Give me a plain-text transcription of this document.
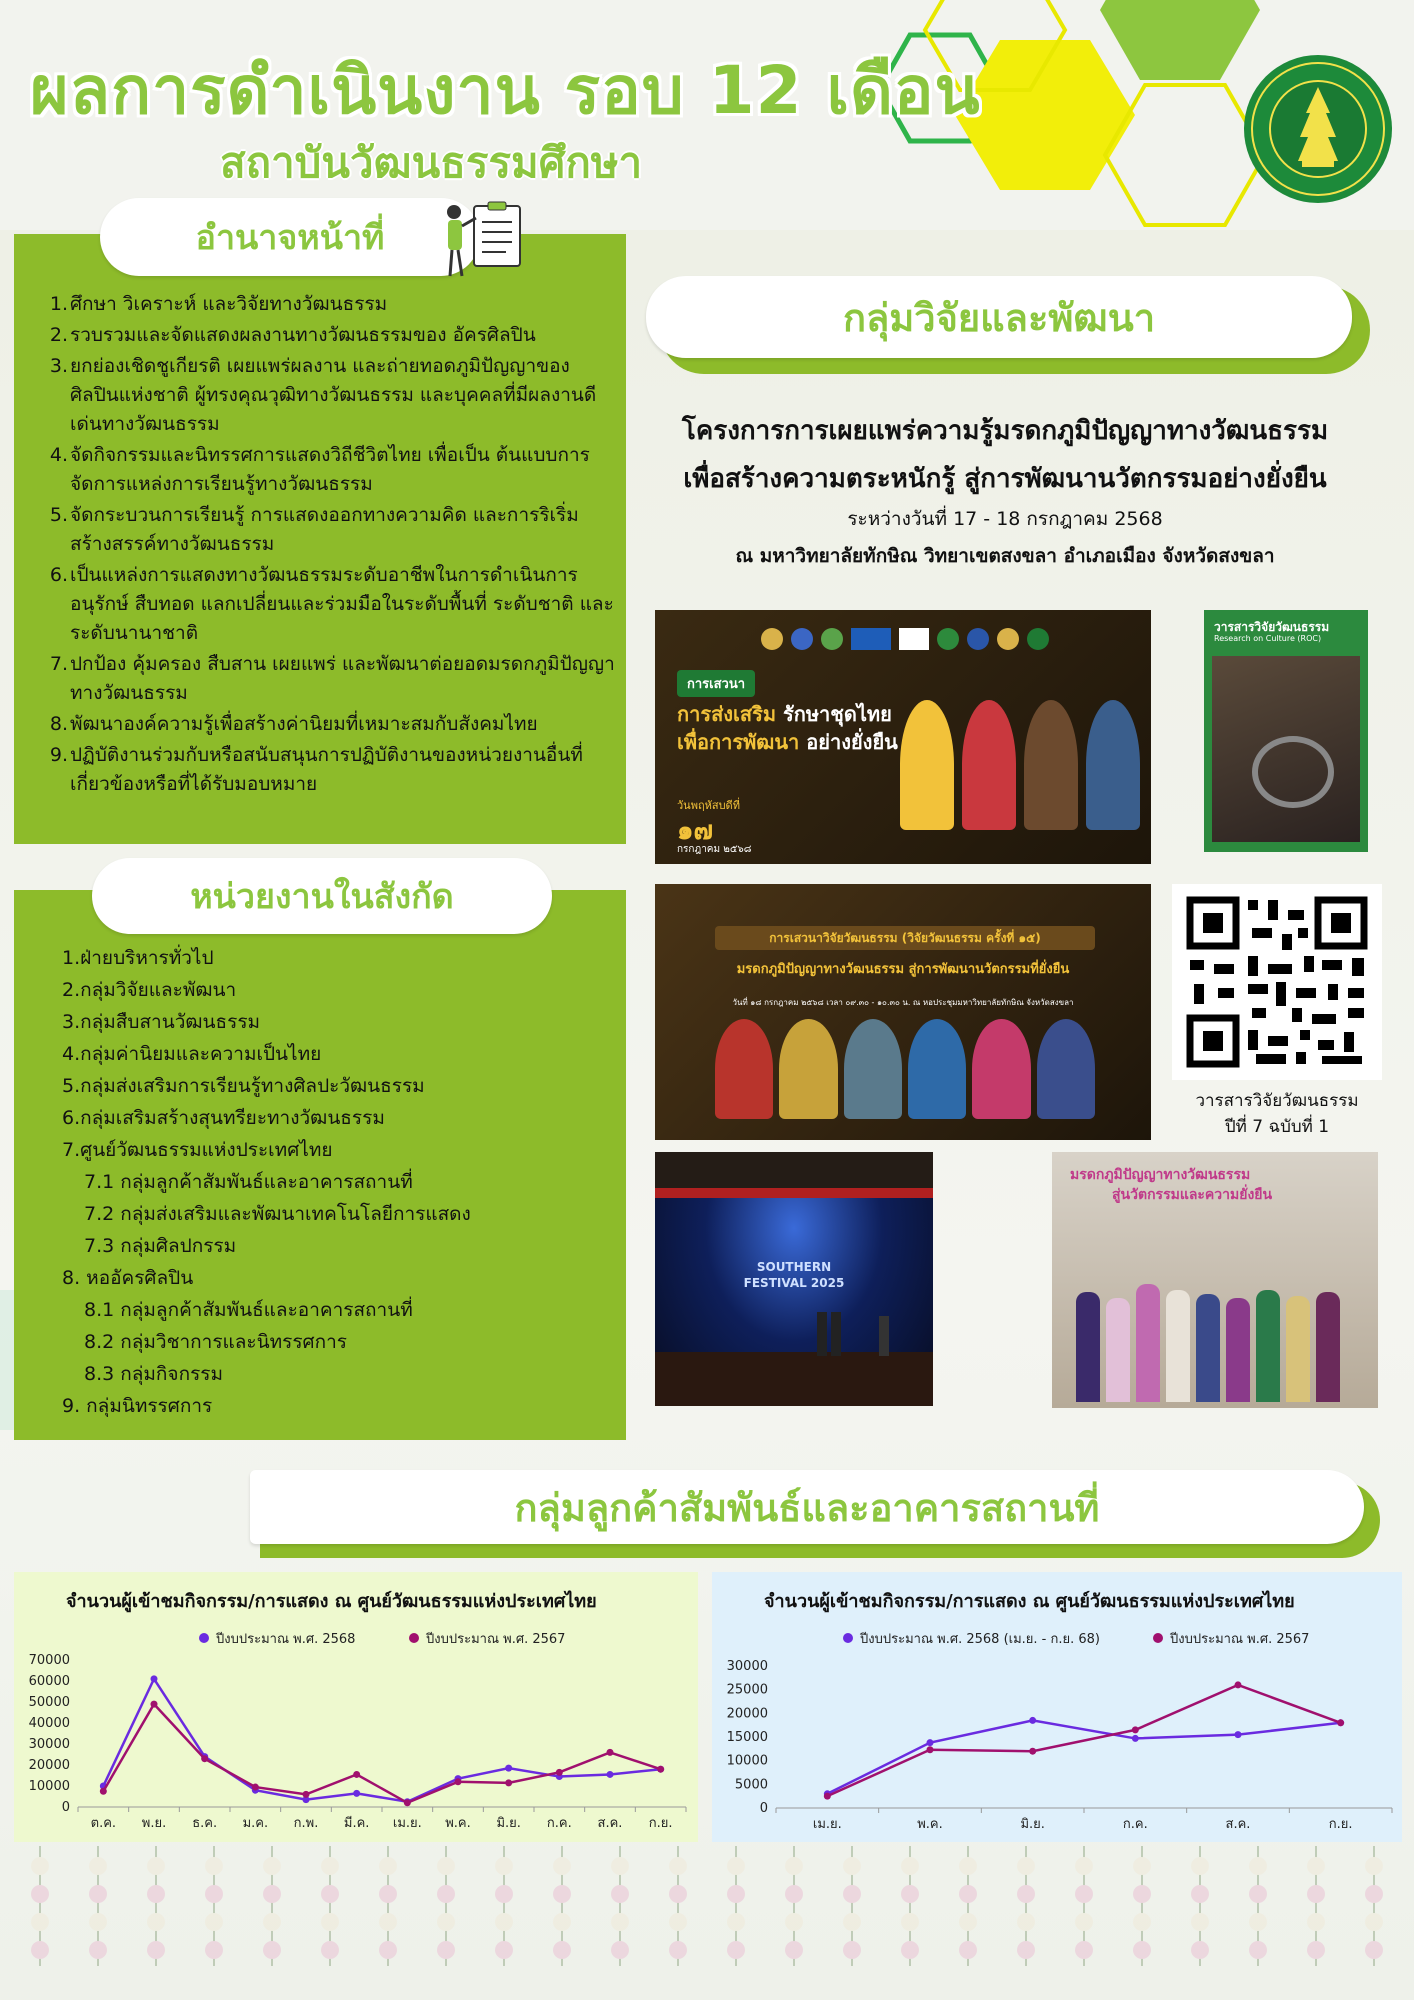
ผลการดำเนินงาน รอบ 12 เดือน
สถาบันวัฒนธรรมศึกษา
อำนาจหน้าที่
1. ศึกษา วิเคราะห์ และวิจัยทางวัฒนธรรม
2. รวบรวมและจัดแสดงผลงานทางวัฒนธรรมของ อัครศิลปิน
3. ยกย่องเชิดชูเกียรติ เผยแพร่ผลงาน และถ่ายทอดภูมิปัญญาของศิลปินแห่งชาติ ผู้ทรงคุณวุฒิทางวัฒนธรรม และบุคคลที่มีผลงานดีเด่นทางวัฒนธรรม
4. จัดกิจกรรมและนิทรรศการแสดงวิถีชีวิตไทย เพื่อเป็น ต้นแบบการจัดการแหล่งการเรียนรู้ทางวัฒนธรรม
5. จัดกระบวนการเรียนรู้ การแสดงออกทางความคิด และการริเริ่มสร้างสรรค์ทางวัฒนธรรม
6. เป็นแหล่งการแสดงทางวัฒนธรรมระดับอาชีพในการดำเนินการอนุรักษ์ สืบทอด แลกเปลี่ยนและร่วมมือในระดับพื้นที่ ระดับชาติ และระดับนานาชาติ
7. ปกป้อง คุ้มครอง สืบสาน เผยแพร่ และพัฒนาต่อยอดมรดกภูมิปัญญาทางวัฒนธรรม
8. พัฒนาองค์ความรู้เพื่อสร้างค่านิยมที่เหมาะสมกับสังคมไทย
9. ปฏิบัติงานร่วมกับหรือสนับสนุนการปฏิบัติงานของหน่วยงานอื่นที่เกี่ยวข้องหรือที่ได้รับมอบหมาย
หน่วยงานในสังกัด
1.ฝ่ายบริหารทั่วไป
2.กลุ่มวิจัยและพัฒนา
3.กลุ่มสืบสานวัฒนธรรม
4.กลุ่มค่านิยมและความเป็นไทย
5.กลุ่มส่งเสริมการเรียนรู้ทางศิลปะวัฒนธรรม
6.กลุ่มเสริมสร้างสุนทรียะทางวัฒนธรรม
7.ศูนย์วัฒนธรรมแห่งประเทศไทย
7.1 กลุ่มลูกค้าสัมพันธ์และอาคารสถานที่
7.2 กลุ่มส่งเสริมและพัฒนาเทคโนโลยีการแสดง
7.3 กลุ่มศิลปกรรม
8. หออัครศิลปิน
8.1 กลุ่มลูกค้าสัมพันธ์และอาคารสถานที่
8.2 กลุ่มวิชาการและนิทรรศการ
8.3 กลุ่มกิจกรรม
9. กลุ่มนิทรรศการ
กลุ่มวิจัยและพัฒนา
โครงการการเผยแพร่ความรู้มรดกภูมิปัญญาทางวัฒนธรรม
เพื่อสร้างความตระหนักรู้ สู่การพัฒนานวัตกรรมอย่างยั่งยืน
ระหว่างวันที่ 17 - 18 กรกฎาคม 2568
ณ มหาวิทยาลัยทักษิณ วิทยาเขตสงขลา อำเภอเมือง จังหวัดสงขลา
การเสวนา
การส่งเสริม รักษาชุดไทย
เพื่อการพัฒนา อย่างยั่งยืน
วันพฤหัสบดีที่
๑๗
กรกฎาคม ๒๕๖๘
วารสารวิจัยวัฒนธรรม
Research on Culture (ROC)
การเสวนาวิจัยวัฒนธรรม (วิจัยวัฒนธรรม ครั้งที่ ๑๕)
มรดกภูมิปัญญาทางวัฒนธรรม สู่การพัฒนานวัตกรรมที่ยั่งยืน
วันที่ ๑๘ กรกฎาคม ๒๕๖๘ เวลา ๐๙.๓๐ - ๑๐.๓๐ น. ณ หอประชุมมหาวิทยาลัยทักษิณ จังหวัดสงขลา
วารสารวิจัยวัฒนธรรม
ปีที่ 7 ฉบับที่ 1
SOUTHERN
FESTIVAL 2025
มรดกภูมิปัญญาทางวัฒนธรรม
สู่นวัตกรรมและความยั่งยืน
กลุ่มลูกค้าสัมพันธ์และอาคารสถานที่
จำนวนผู้เข้าชมกิจกรรม/การแสดง ณ ศูนย์วัฒนธรรมแห่งประเทศไทย
ปีงบประมาณ พ.ศ. 2568	ปีงบประมาณ พ.ศ. 2567
0
10000
20000
30000
40000
50000
60000
70000
ต.ค. พ.ย. ธ.ค. ม.ค. ก.พ. มี.ค. เม.ย. พ.ค. มิ.ย. ก.ค. ส.ค. ก.ย.
จำนวนผู้เข้าชมกิจกรรม/การแสดง ณ ศูนย์วัฒนธรรมแห่งประเทศไทย
ปีงบประมาณ พ.ศ. 2568 (เม.ย. - ก.ย. 68)	ปีงบประมาณ พ.ศ. 2567
0
5000
10000
15000
20000
25000
30000
เม.ย.	พ.ค.	มิ.ย.	ก.ค.	ส.ค.	ก.ย.
